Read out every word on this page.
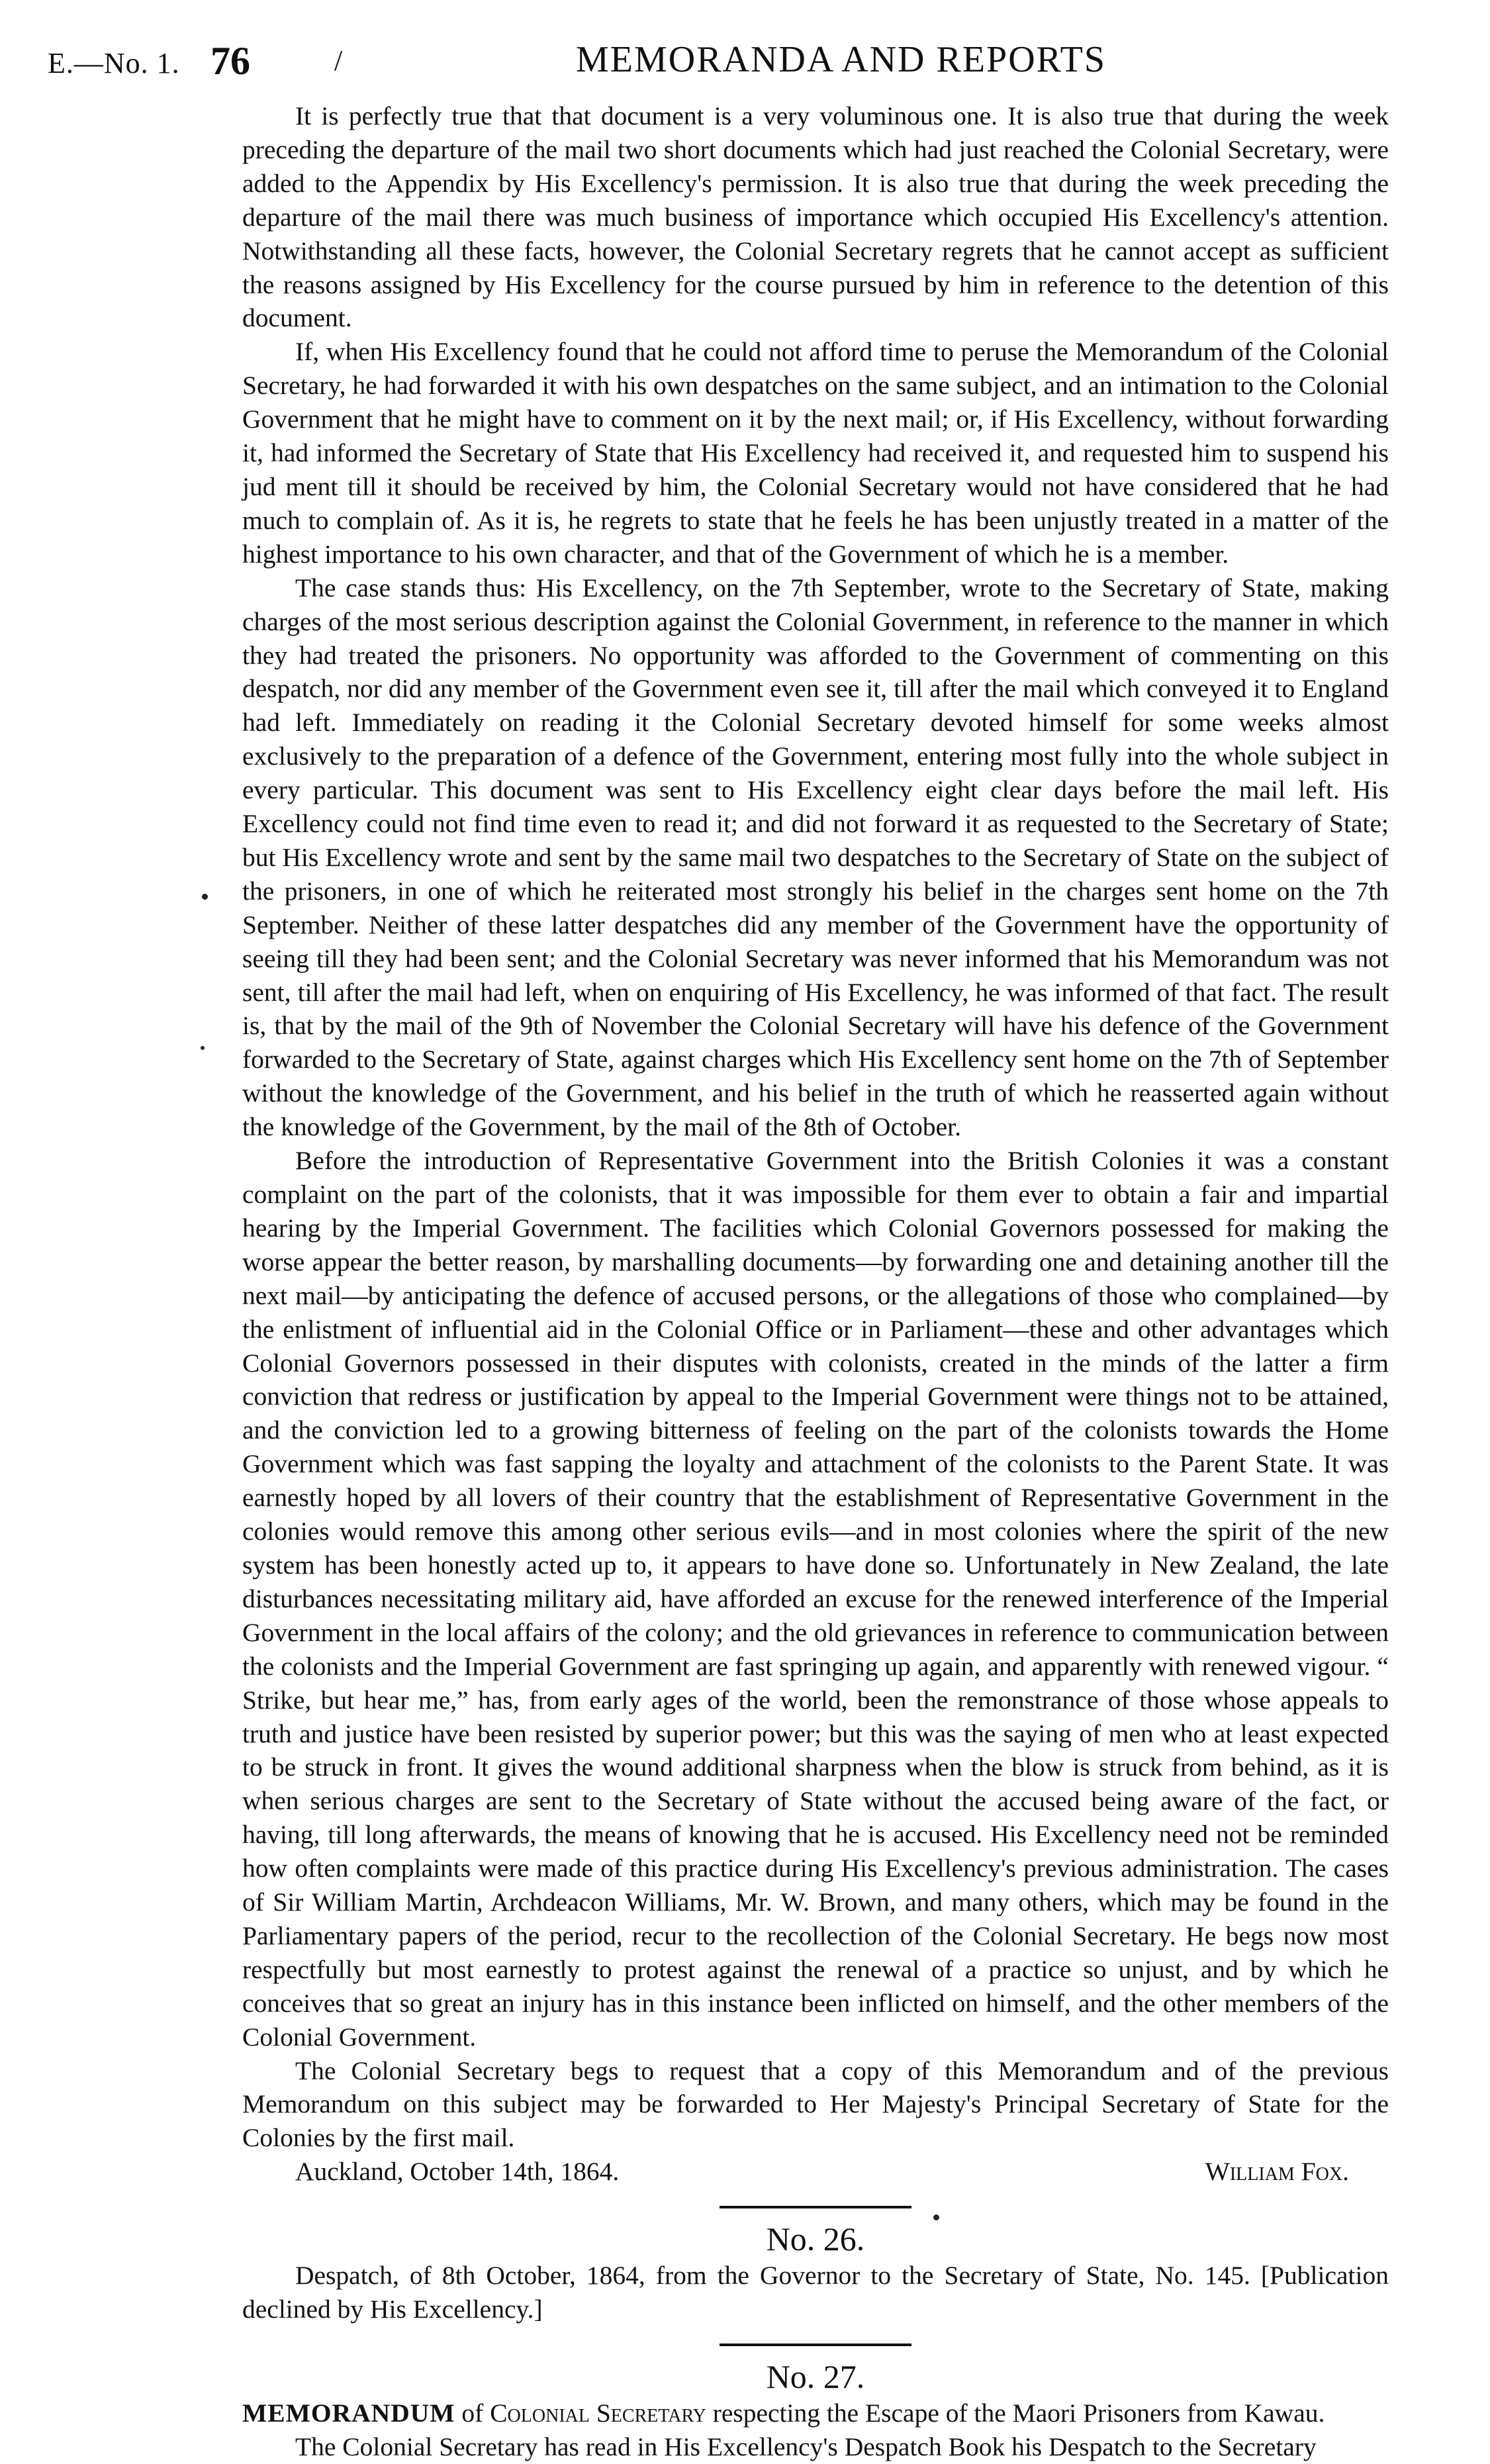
E.—No. 1. 76	/	MEMORANDA AND REPORTS

It is perfectly true that that document is a very voluminous one. It is also true that during the week preceding the departure of the mail two short documents which had just reached the Colonial Secretary, were added to the Appendix by His Excellency's permission. It is also true that during the week preceding the departure of the mail there was much business of importance which occupied His Excellency's attention. Notwithstanding all these facts, however, the Colonial Secretary regrets that he cannot accept as sufficient the reasons assigned by His Excellency for the course pursued by him in reference to the detention of this document.

If, when His Excellency found that he could not afford time to peruse the Memorandum of the Colonial Secretary, he had forwarded it with his own despatches on the same subject, and an intimation to the Colonial Government that he might have to comment on it by the next mail; or, if His Excellency, without forwarding it, had informed the Secretary of State that His Excellency had received it, and requested him to suspend his jud ment till it should be received by him, the Colonial Secretary would not have considered that he had much to complain of. As it is, he regrets to state that he feels he has been unjustly treated in a matter of the highest importance to his own character, and that of the Government of which he is a member.

The case stands thus: His Excellency, on the 7th September, wrote to the Secretary of State, making charges of the most serious description against the Colonial Government, in reference to the manner in which they had treated the prisoners. No opportunity was afforded to the Government of commenting on this despatch, nor did any member of the Government even see it, till after the mail which conveyed it to England had left. Immediately on reading it the Colonial Secretary devoted himself for some weeks almost exclusively to the preparation of a defence of the Government, entering most fully into the whole subject in every particular. This document was sent to His Excellency eight clear days before the mail left. His Excellency could not find time even to read it; and did not forward it as requested to the Secretary of State; but His Excellency wrote and sent by the same mail two despatches to the Secretary of State on the subject of the prisoners, in one of which he reiterated most strongly his belief in the charges sent home on the 7th September. Neither of these latter despatches did any member of the Government have the opportunity of seeing till they had been sent; and the Colonial Secretary was never informed that his Memorandum was not sent, till after the mail had left, when on enquiring of His Excellency, he was informed of that fact. The result is, that by the mail of the 9th of November the Colonial Secretary will have his defence of the Government forwarded to the Secretary of State, against charges which His Excellency sent home on the 7th of September without the knowledge of the Government, and his belief in the truth of which he reasserted again without the knowledge of the Government, by the mail of the 8th of October.

Before the introduction of Representative Government into the British Colonies it was a constant complaint on the part of the colonists, that it was impossible for them ever to obtain a fair and impartial hearing by the Imperial Government. The facilities which Colonial Governors possessed for making the worse appear the better reason, by marshalling documents—by forwarding one and detaining another till the next mail—by anticipating the defence of accused persons, or the allegations of those who complained—by the enlistment of influential aid in the Colonial Office or in Parliament—these and other advantages which Colonial Governors possessed in their disputes with colonists, created in the minds of the latter a firm conviction that redress or justification by appeal to the Imperial Government were things not to be attained, and the conviction led to a growing bitterness of feeling on the part of the colonists towards the Home Government which was fast sapping the loyalty and attachment of the colonists to the Parent State. It was earnestly hoped by all lovers of their country that the establishment of Representative Government in the colonies would remove this among other serious evils—and in most colonies where the spirit of the new system has been honestly acted up to, it appears to have done so. Unfortunately in New Zealand, the late disturbances necessitating military aid, have afforded an excuse for the renewed interference of the Imperial Government in the local affairs of the colony; and the old grievances in reference to communication between the colonists and the Imperial Government are fast springing up again, and apparently with renewed vigour. “ Strike, but hear me,” has, from early ages of the world, been the remonstrance of those whose appeals to truth and justice have been resisted by superior power; but this was the saying of men who at least expected to be struck in front. It gives the wound additional sharpness when the blow is struck from behind, as it is when serious charges are sent to the Secretary of State without the accused being aware of the fact, or having, till long afterwards, the means of knowing that he is accused. His Excellency need not be reminded how often complaints were made of this practice during His Excellency's previous administration. The cases of Sir William Martin, Archdeacon Williams, Mr. W. Brown, and many others, which may be found in the Parliamentary papers of the period, recur to the recollection of the Colonial Secretary. He begs now most respectfully but most earnestly to protest against the renewal of a practice so unjust, and by which he conceives that so great an injury has in this instance been inflicted on himself, and the other members of the Colonial Government.

The Colonial Secretary begs to request that a copy of this Memorandum and of the previous Memorandum on this subject may be forwarded to Her Majesty's Principal Secretary of State for the Colonies by the first mail.

Auckland, October 14th, 1864.	William Fox.
No. 26.

Despatch, of 8th October, 1864, from the Governor to the Secretary of State, No. 145. [Publication declined by His Excellency.]

No. 27.

MEMORANDUM of Colonial Secretary respecting the Escape of the Maori Prisoners from Kawau.

The Colonial Secretary has read in His Excellency's Despatch Book his Despatch to the Secretary
